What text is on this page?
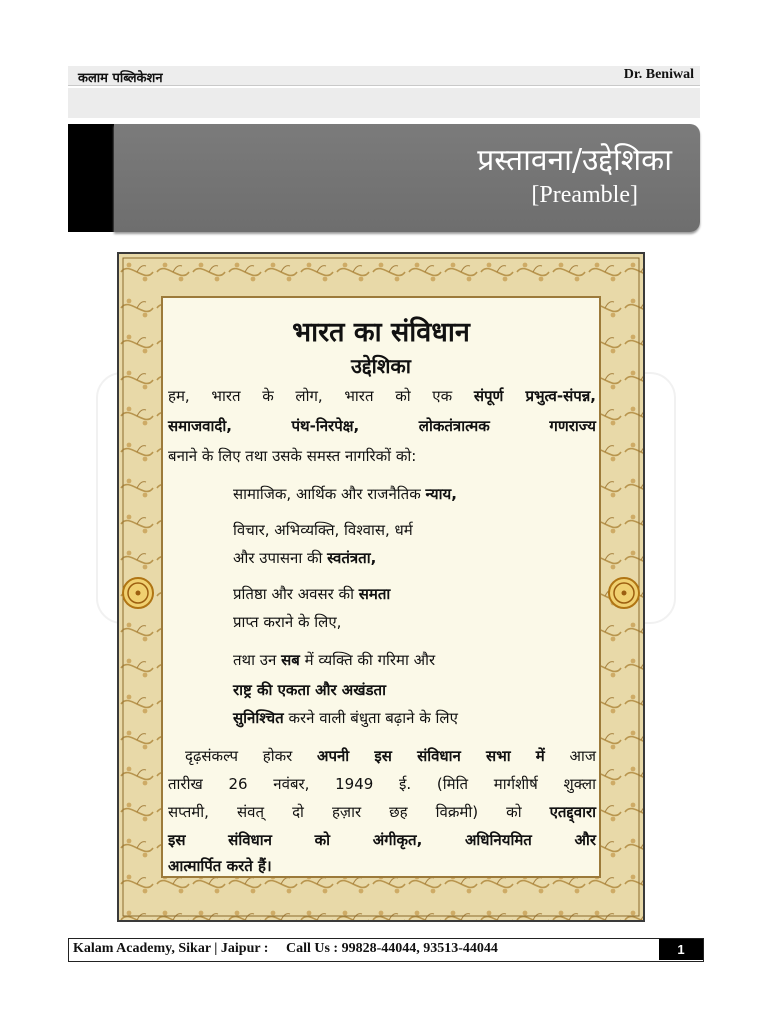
कलाम पब्लिकेशन	Dr. Beniwal
प्रस्तावना/उद्देशिका
[Preamble]
भारत का संविधान
उद्देशिका
हम, भारत के लोग, भारत को एक संपूर्ण प्रभुत्व-संपन्न,
समाजवादी, पंथ-निरपेक्ष, लोकतंत्रात्मक गणराज्य
बनाने के लिए तथा उसके समस्त नागरिकों को:
सामाजिक, आर्थिक और राजनैतिक न्याय,
विचार, अभिव्यक्ति, विश्वास, धर्म
और उपासना की स्वतंत्रता,
प्रतिष्ठा और अवसर की समता
प्राप्त कराने के लिए,
तथा उन सब में व्यक्ति की गरिमा और
राष्ट्र की एकता और अखंडता
सुनिश्चित करने वाली बंधुता बढ़ाने के लिए
दृढ़संकल्प होकर अपनी इस संविधान सभा में आज
तारीख 26 नवंबर, 1949 ई. (मिति मार्गशीर्ष शुक्ला
सप्तमी, संवत् दो हज़ार छह विक्रमी) को एतद्द्वारा
इस संविधान को अंगीकृत, अधिनियमित और
आत्मार्पित करते हैं।
Kalam Academy, Sikar | Jaipur :     Call Us : 99828-44044, 93513-44044	1
